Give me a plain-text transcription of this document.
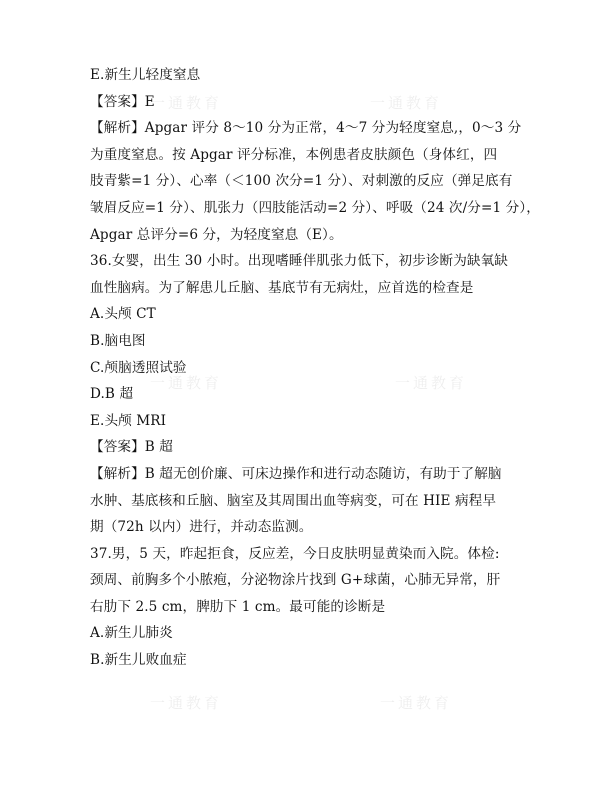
一通教育	一通教育
一通教育	一通教育
一通教育	一通教育
E.新生儿轻度窒息
【答案】E
【解析】Apgar 评分 8～10 分为正常，4～7 分为轻度窒息,，0～3 分
为重度窒息。按 Apgar 评分标准，本例患者皮肤颜色（身体红，四
肢青紫=1 分）、心率（＜100 次分=1 分）、对刺激的反应（弹足底有
皱眉反应=1 分）、肌张力（四肢能活动=2 分）、呼吸（24 次/分=1 分），
Apgar 总评分=6 分，为轻度窒息（E）。
36.女婴，出生 30 小时。出现嗜睡伴肌张力低下，初步诊断为缺氧缺
血性脑病。为了解患儿丘脑、基底节有无病灶，应首选的检查是
A.头颅 CT
B.脑电图
C.颅脑透照试验
D.B 超
E.头颅 MRI
【答案】B 超
【解析】B 超无创价廉、可床边操作和进行动态随访，有助于了解脑
水肿、基底核和丘脑、脑室及其周围出血等病变，可在 HIE 病程早
期（72h 以内）进行，并动态监测。
37.男，5 天，昨起拒食，反应差，今日皮肤明显黄染而入院。体检:
颈周、前胸多个小脓疱，分泌物涂片找到 G+球菌，心肺无异常，肝
右肋下 2.5 cm，脾肋下 1 cm。最可能的诊断是
A.新生儿肺炎
B.新生儿败血症
